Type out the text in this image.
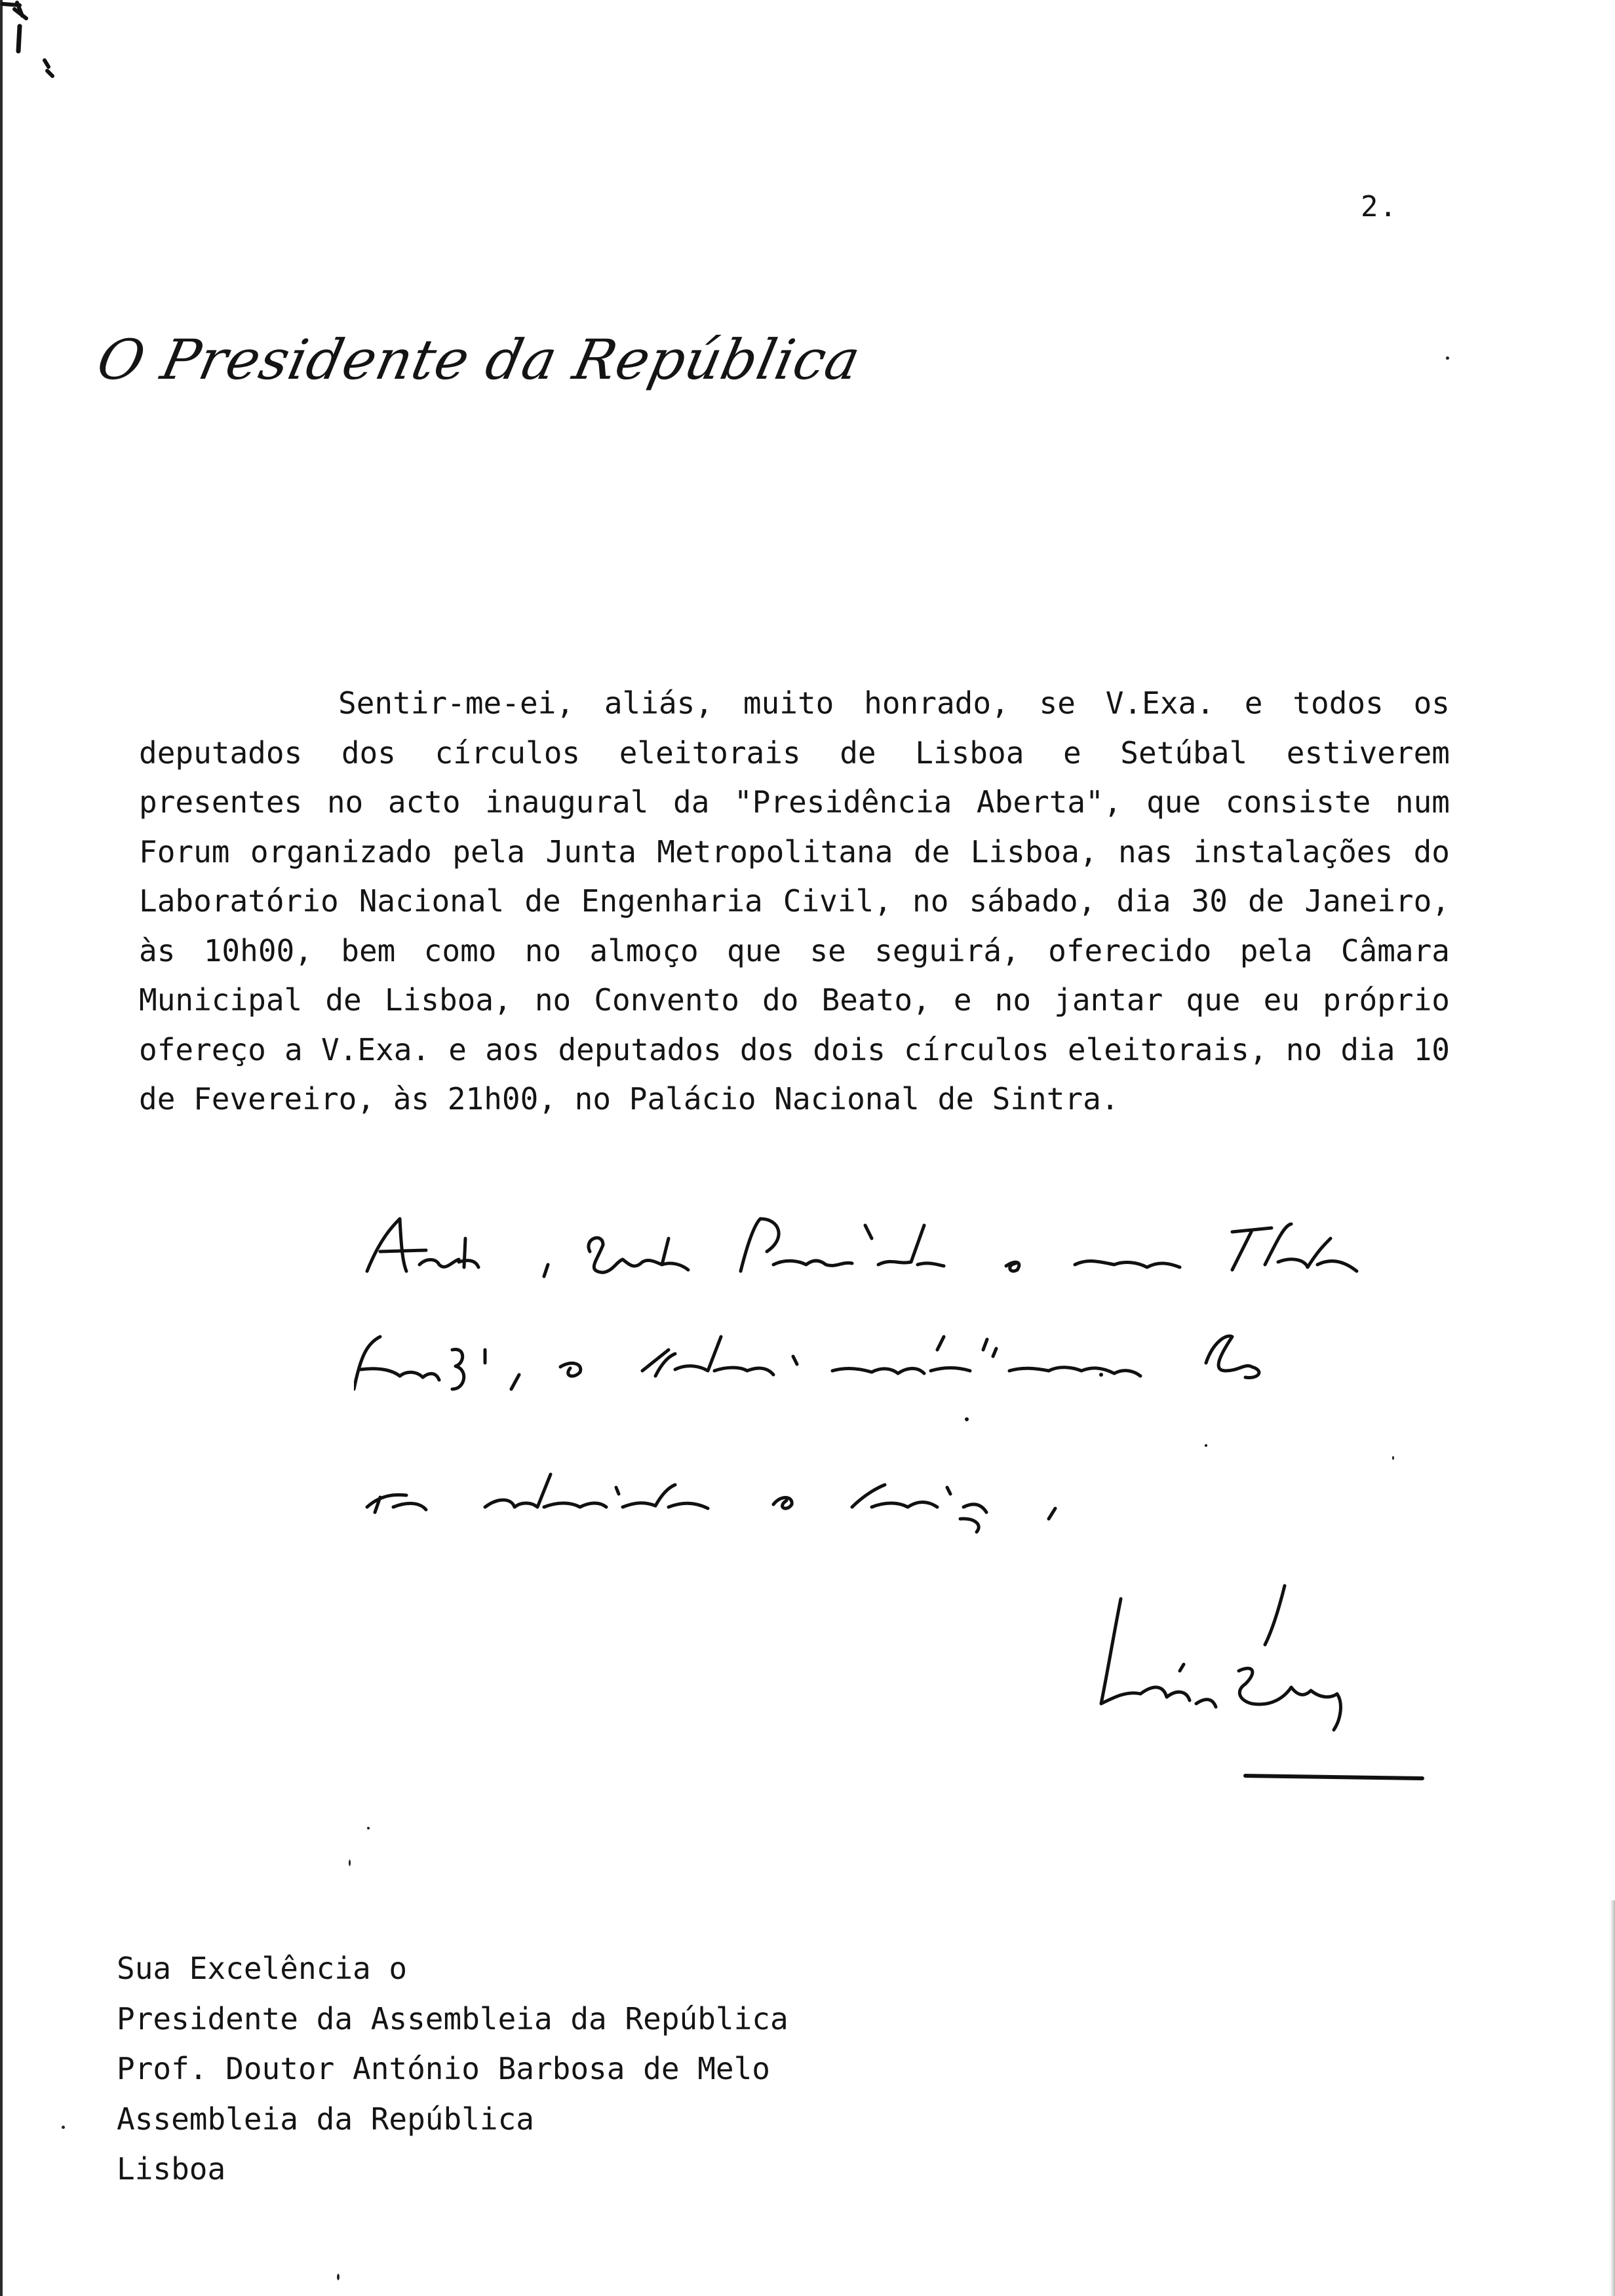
2.
O Presidente da República

Sentir-me-ei, aliás, muito honrado, se V.Exa. e todos os deputados dos círculos eleitorais de Lisboa e Setúbal estiverem presentes no acto inaugural da "Presidência Aberta", que consiste num Forum organizado pela Junta Metropolitana de Lisboa, nas instalações do Laboratório Nacional de Engenharia Civil, no sábado, dia 30 de Janeiro, às 10h00, bem como no almoço que se seguirá, oferecido pela Câmara Municipal de Lisboa, no Convento do Beato, e no jantar que eu próprio ofereço a V.Exa. e aos deputados dos dois círculos eleitorais, no dia 10 de Fevereiro, às 21h00, no Palácio Nacional de Sintra.

Sua Excelência o
Presidente da Assembleia da República
Prof. Doutor António Barbosa de Melo
Assembleia da República
Lisboa
